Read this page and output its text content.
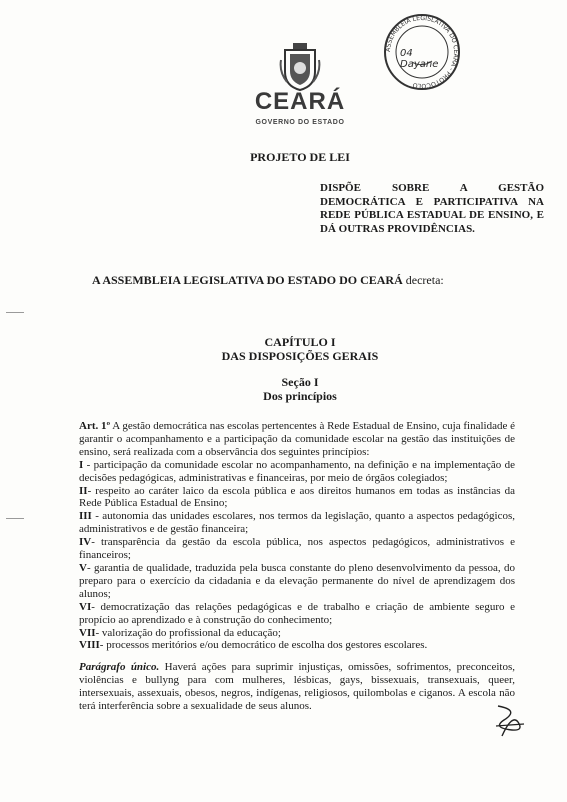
CEARÁ
GOVERNO DO ESTADO
ASSEMBLEIA LEGISLATIVA DO CEARÁ - PROTOCOLO
04 Dayane
PROJETO DE LEI
DISPÕE SOBRE A GESTÃO DEMOCRÁTICA E PARTICIPATIVA NA REDE PÚBLICA ESTADUAL DE ENSINO, E DÁ OUTRAS PROVIDÊNCIAS.
A ASSEMBLEIA LEGISLATIVA DO ESTADO DO CEARÁ decreta:
CAPÍTULO I
DAS DISPOSIÇÕES GERAIS
Seção I
Dos princípios
Art. 1º A gestão democrática nas escolas pertencentes à Rede Estadual de Ensino, cuja finalidade é garantir o acompanhamento e a participação da comunidade escolar na gestão das instituições de ensino, será realizada com a observância dos seguintes princípios:
I - participação da comunidade escolar no acompanhamento, na definição e na implementação de decisões pedagógicas, administrativas e financeiras, por meio de órgãos colegiados;
II- respeito ao caráter laico da escola pública e aos direitos humanos em todas as instâncias da Rede Pública Estadual de Ensino;
III - autonomia das unidades escolares, nos termos da legislação, quanto a aspectos pedagógicos, administrativos e de gestão financeira;
IV- transparência da gestão da escola pública, nos aspectos pedagógicos, administrativos e financeiros;
V- garantia de qualidade, traduzida pela busca constante do pleno desenvolvimento da pessoa, do preparo para o exercício da cidadania e da elevação permanente do nível de aprendizagem dos alunos;
VI- democratização das relações pedagógicas e de trabalho e criação de ambiente seguro e propício ao aprendizado e à construção do conhecimento;
VII- valorização do profissional da educação;
VIII- processos meritórios e/ou democrático de escolha dos gestores escolares.
Parágrafo único. Haverá ações para suprimir injustiças, omissões, sofrimentos, preconceitos, violências e bullyng para com mulheres, lésbicas, gays, bissexuais, transexuais, queer, intersexuais, assexuais, obesos, negros, indígenas, religiosos, quilombolas e ciganos. A escola não terá interferência sobre a sexualidade de seus alunos.
